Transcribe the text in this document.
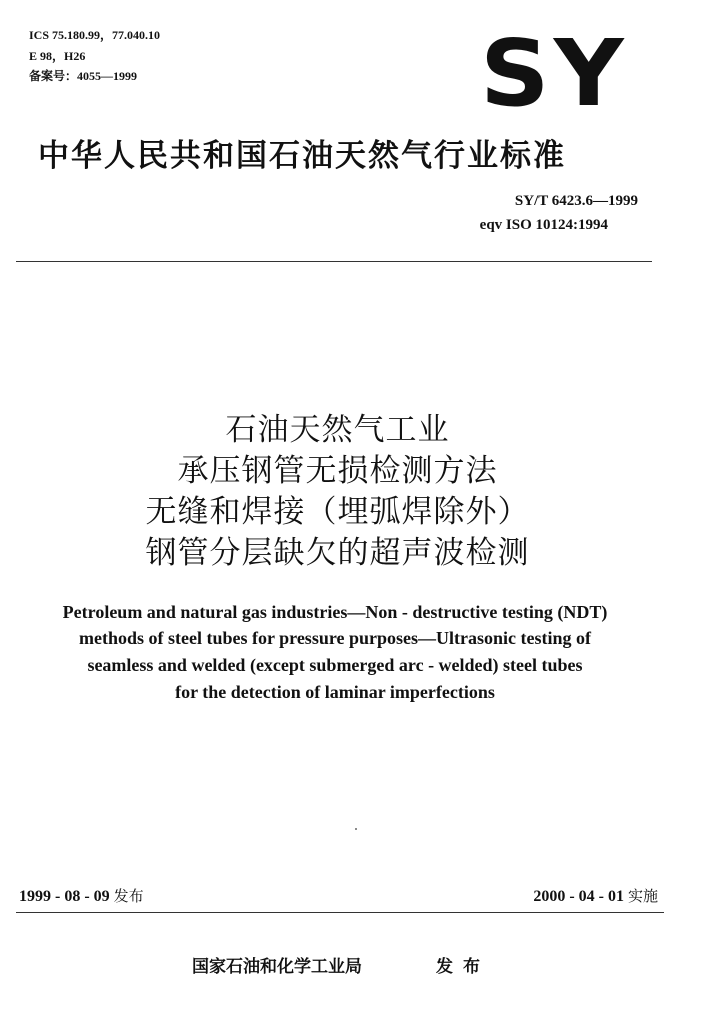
ICS 75.180.99，77.040.10
E 98，H26
备案号：4055—1999	SY
中华人民共和国石油天然气行业标准
SY/T 6423.6—1999
eqv ISO 10124:1994
石油天然气工业
承压钢管无损检测方法
无缝和焊接（埋弧焊除外）
钢管分层缺欠的超声波检测
Petroleum and natural gas industries—Non - destructive testing (NDT)
methods of steel tubes for pressure purposes—Ultrasonic testing of
seamless and welded (except submerged arc - welded) steel tubes
for the detection of laminar imperfections
1999 - 08 - 09 发布	2000 - 04 - 01 实施
国家石油和化学工业局	发布
